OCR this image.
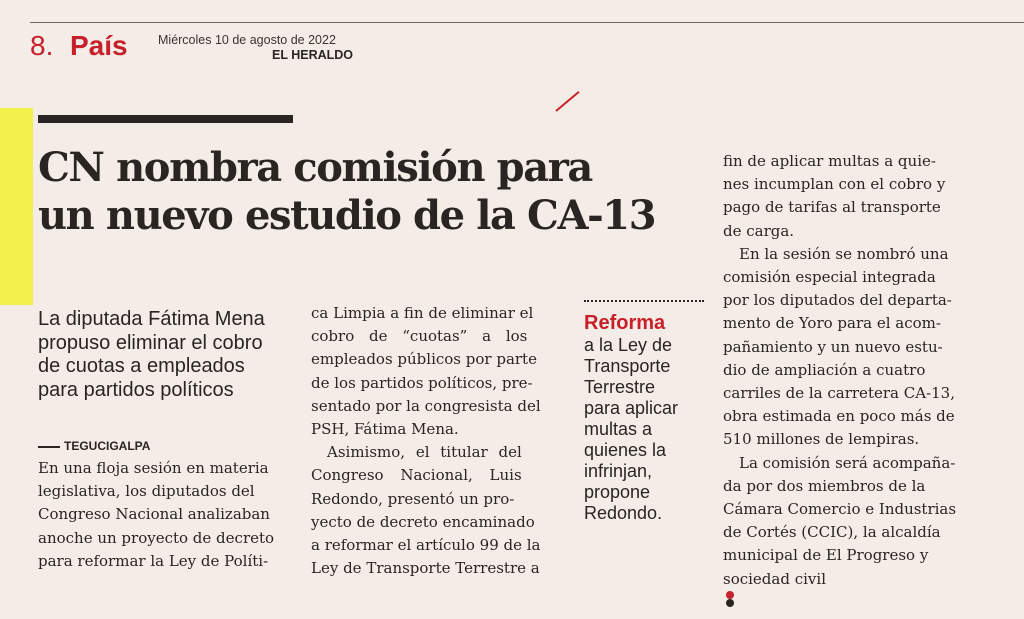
8. País Miércoles 10 de agosto de 2022
EL HERALDO
CN nombra comisión para
un nuevo estudio de la CA-13
La diputada Fátima Mena
propuso eliminar el cobro
de cuotas a empleados
para partidos políticos
TEGUCIGALPA
En una floja sesión en materia
legislativa, los diputados del
Congreso Nacional analizaban
anoche un proyecto de decreto
para reformar la Ley de Políti-
ca Limpia a fin de eliminar el
cobro de “cuotas” a los
empleados públicos por parte
de los partidos políticos, pre-
sentado por la congresista del
PSH, Fátima Mena.
Asimismo, el titular del
Congreso Nacional, Luis
Redondo, presentó un pro-
yecto de decreto encaminado
a reformar el artículo 99 de la
Ley de Transporte Terrestre a
Reforma
a la Ley de
Transporte
Terrestre
para aplicar
multas a
quienes la
infrinjan,
propone
Redondo.
fin de aplicar multas a quie-
nes incumplan con el cobro y
pago de tarifas al transporte
de carga.
En la sesión se nombró una
comisión especial integrada
por los diputados del departa-
mento de Yoro para el acom-
pañamiento y un nuevo estu-
dio de ampliación a cuatro
carriles de la carretera CA-13,
obra estimada en poco más de
510 millones de lempiras.
La comisión será acompaña-
da por dos miembros de la
Cámara Comercio e Industrias
de Cortés (CCIC), la alcaldía
municipal de El Progreso y
sociedad civil
